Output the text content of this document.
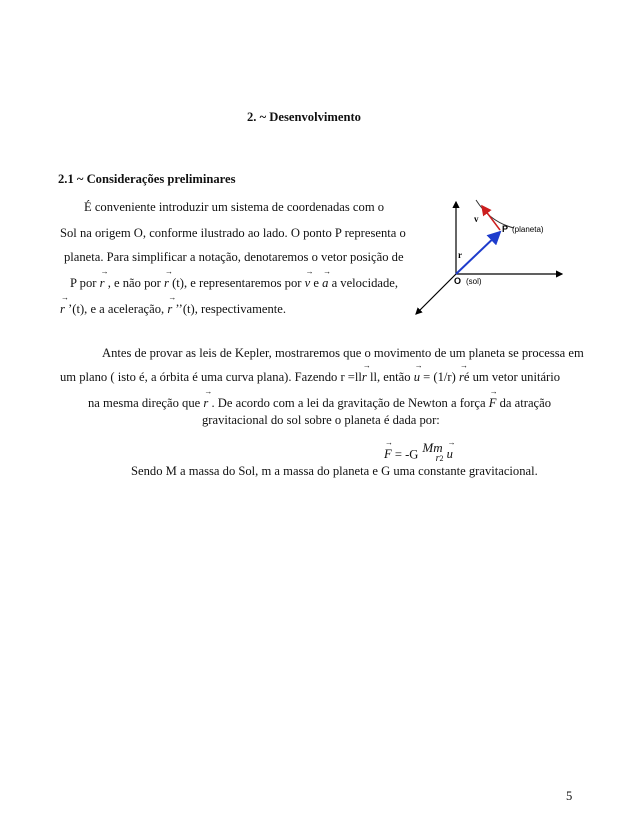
2. ~ Desenvolvimento
2.1 ~ Considerações preliminares
É conveniente introduzir um sistema de coordenadas com o
Sol na origem O, conforme ilustrado ao lado. O ponto P representa o
planeta. Para simplificar a notação, denotaremos o vetor posição de
P por → r , e não por → r (t), e representaremos por → v e → a a velocidade,
→ r ’(t), e a aceleração, → r ’’(t), respectivamente.
v
r
P (planeta)
O (sol)
Antes de provar as leis de Kepler, mostraremos que o movimento de um planeta se processa em
um plano ( isto é, a órbita é uma curva plana). Fazendo r =ll→ r ll, então → u = (1/r) → ré um vetor unitário
na mesma direção que → r . De acordo com a lei da gravitação de Newton a força → F da atração
gravitacional do sol sobre o planeta é dada por:
→ F = -G Mm
r2 → u
Sendo M a massa do Sol, m a massa do planeta e G uma constante gravitacional.
5
